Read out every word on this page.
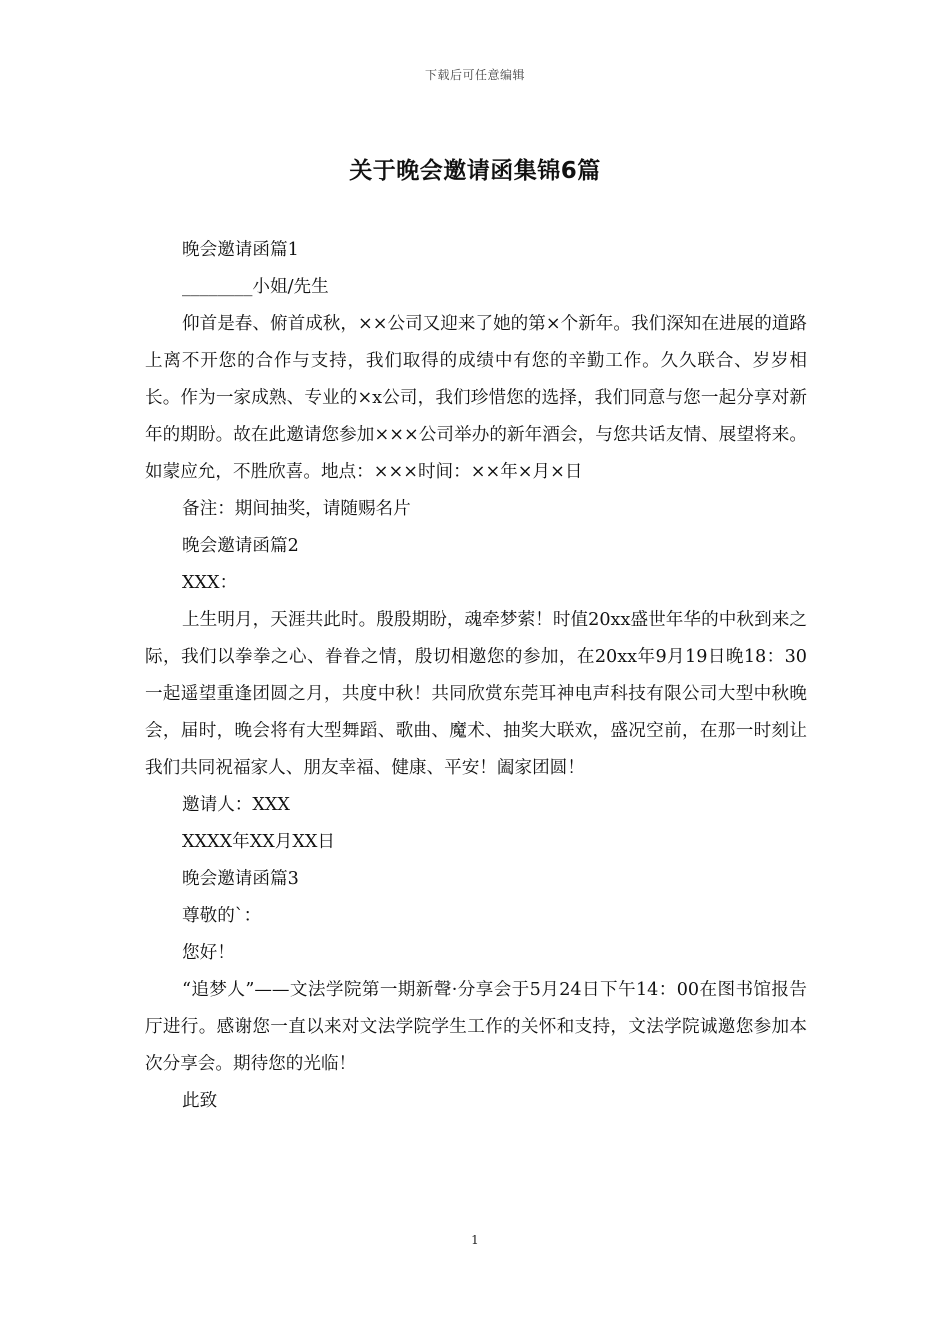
下载后可任意编辑
关于晚会邀请函集锦6篇

晚会邀请函篇1

________小姐/先生

仰首是春、俯首成秋，××公司又迎来了她的第×个新年。我们深知在进展的道路上离不开您的合作与支持，我们取得的成绩中有您的辛勤工作。久久联合、岁岁相长。作为一家成熟、专业的×x公司，我们珍惜您的选择，我们同意与您一起分享对新年的期盼。故在此邀请您参加×××公司举办的新年酒会，与您共话友情、展望将来。如蒙应允，不胜欣喜。地点：×××时间：××年×月×日

备注：期间抽奖，请随赐名片

晚会邀请函篇2

XXX：

上生明月，天涯共此时。殷殷期盼，魂牵梦萦！时值20xx盛世年华的中秋到来之际，我们以拳拳之心、眷眷之情，殷切相邀您的参加，在20xx年9月19日晚18：30一起遥望重逢团圆之月，共度中秋！共同欣赏东莞耳神电声科技有限公司大型中秋晚会，届时，晚会将有大型舞蹈、歌曲、魔术、抽奖大联欢，盛况空前，在那一时刻让我们共同祝福家人、朋友幸福、健康、平安！阖家团圆！

邀请人：XXX

XXXX年XX月XX日

晚会邀请函篇3

尊敬的`：

您好！

“追梦人”——文法学院第一期新聲·分享会于5月24日下午14：00在图书馆报告厅进行。感谢您一直以来对文法学院学生工作的关怀和支持，文法学院诚邀您参加本次分享会。期待您的光临！

此致

1
